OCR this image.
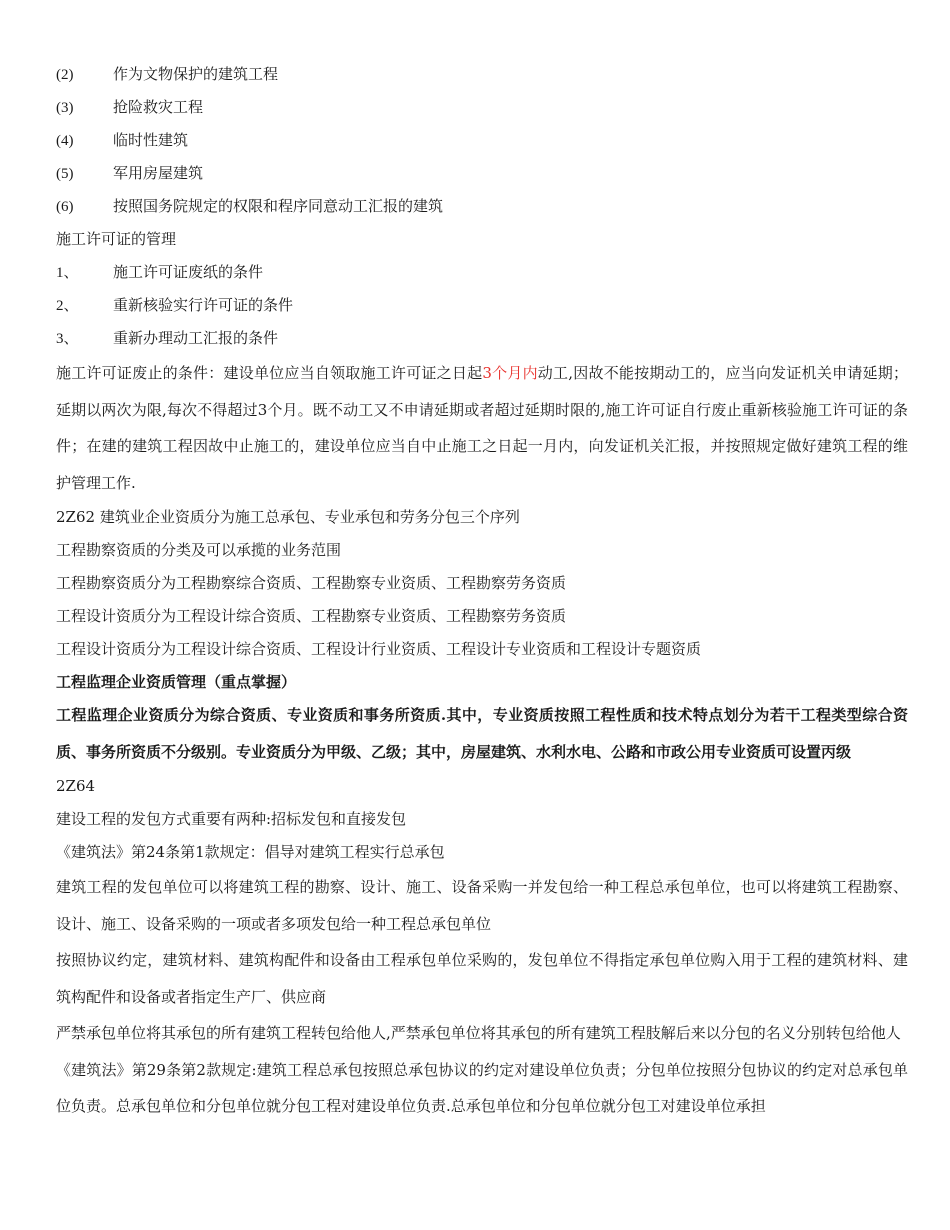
(2)	作为文物保护的建筑工程
(3)	抢险救灾工程
(4)	临时性建筑
(5)	军用房屋建筑
(6)	按照国务院规定的权限和程序同意动工汇报的建筑
施工许可证的管理
1、 施工许可证废纸的条件
2、 重新核验实行许可证的条件
3、 重新办理动工汇报的条件

施工许可证废止的条件：建设单位应当自领取施工许可证之日起3个月内动工,因故不能按期动工的，应当向发证机关申请延期；延期以两次为限,每次不得超过3个月。既不动工又不申请延期或者超过延期时限的,施工许可证自行废止重新核验施工许可证的条件；在建的建筑工程因故中止施工的，建设单位应当自中止施工之日起一月内，向发证机关汇报，并按照规定做好建筑工程的维护管理工作.

2Z62 建筑业企业资质分为施工总承包、专业承包和劳务分包三个序列
工程勘察资质的分类及可以承揽的业务范围
工程勘察资质分为工程勘察综合资质、工程勘察专业资质、工程勘察劳务资质
工程设计资质分为工程设计综合资质、工程勘察专业资质、工程勘察劳务资质
工程设计资质分为工程设计综合资质、工程设计行业资质、工程设计专业资质和工程设计专题资质
工程监理企业资质管理（重点掌握）

工程监理企业资质分为综合资质、专业资质和事务所资质.其中，专业资质按照工程性质和技术特点划分为若干工程类型综合资质、事务所资质不分级别。专业资质分为甲级、乙级；其中，房屋建筑、水利水电、公路和市政公用专业资质可设置丙级

2Z64
建设工程的发包方式重要有两种:招标发包和直接发包
《建筑法》第24条第1款规定：倡导对建筑工程实行总承包

建筑工程的发包单位可以将建筑工程的勘察、设计、施工、设备采购一并发包给一种工程总承包单位，也可以将建筑工程勘察、设计、施工、设备采购的一项或者多项发包给一种工程总承包单位

按照协议约定，建筑材料、建筑构配件和设备由工程承包单位采购的，发包单位不得指定承包单位购入用于工程的建筑材料、建筑构配件和设备或者指定生产厂、供应商

严禁承包单位将其承包的所有建筑工程转包给他人,严禁承包单位将其承包的所有建筑工程肢解后来以分包的名义分别转包给他人

《建筑法》第29条第2款规定:建筑工程总承包按照总承包协议的约定对建设单位负责；分包单位按照分包协议的约定对总承包单位负责。总承包单位和分包单位就分包工程对建设单位负责.总承包单位和分包单位就分包工对建设单位承担
